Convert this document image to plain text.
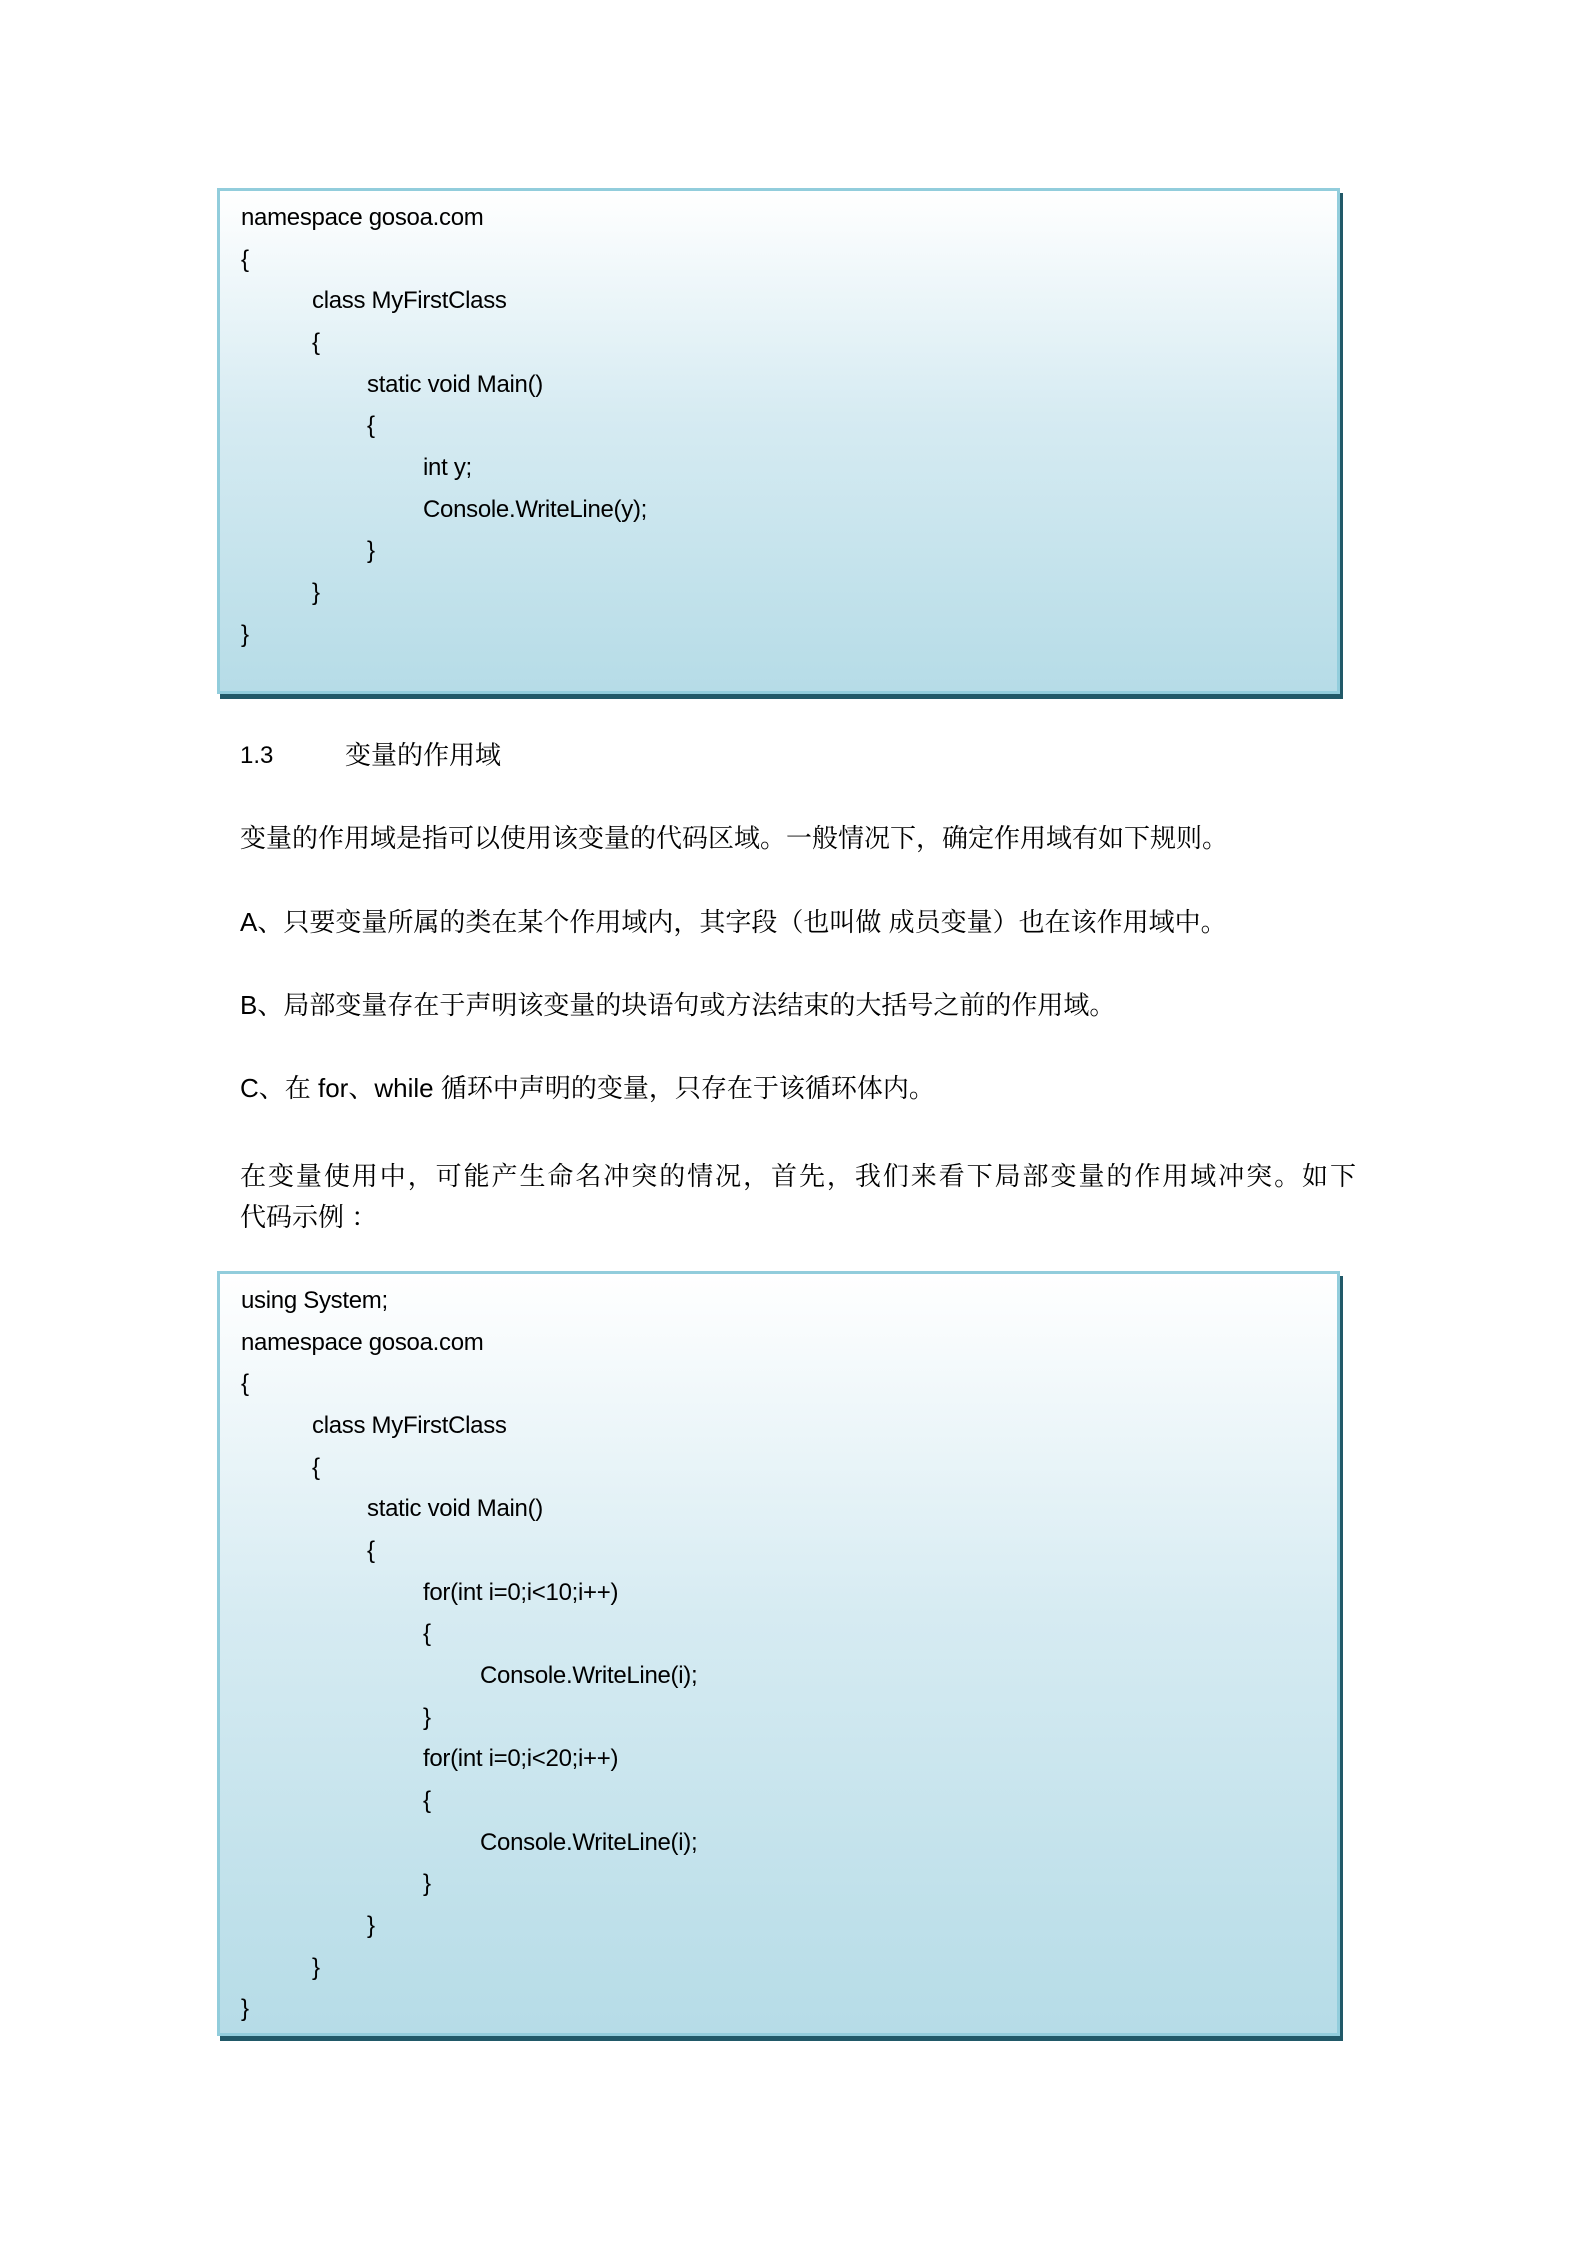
namespace gosoa.com
{
class MyFirstClass
{
static void Main()
{
int y;
Console.WriteLine(y);
}
}
}
1.3	变量的作用域
变量的作用域是指可以使用该变量的代码区域。一般情况下，确定作用域有如下规则。
A、只要变量所属的类在某个作用域内，其字段（也叫做 成员变量）也在该作用域中。
B、局部变量存在于声明该变量的块语句或方法结束的大括号之前的作用域。
C、在 for、while 循环中声明的变量，只存在于该循环体内。
在变量使用中，可能产生命名冲突的情况，首先，我们来看下局部变量的作用域冲突。如下
代码示例 ：
using System;
namespace gosoa.com
{
class MyFirstClass
{
static void Main()
{
for(int i=0;i<10;i++)
{
Console.WriteLine(i);
}
for(int i=0;i<20;i++)
{
Console.WriteLine(i);
}
}
}
}
